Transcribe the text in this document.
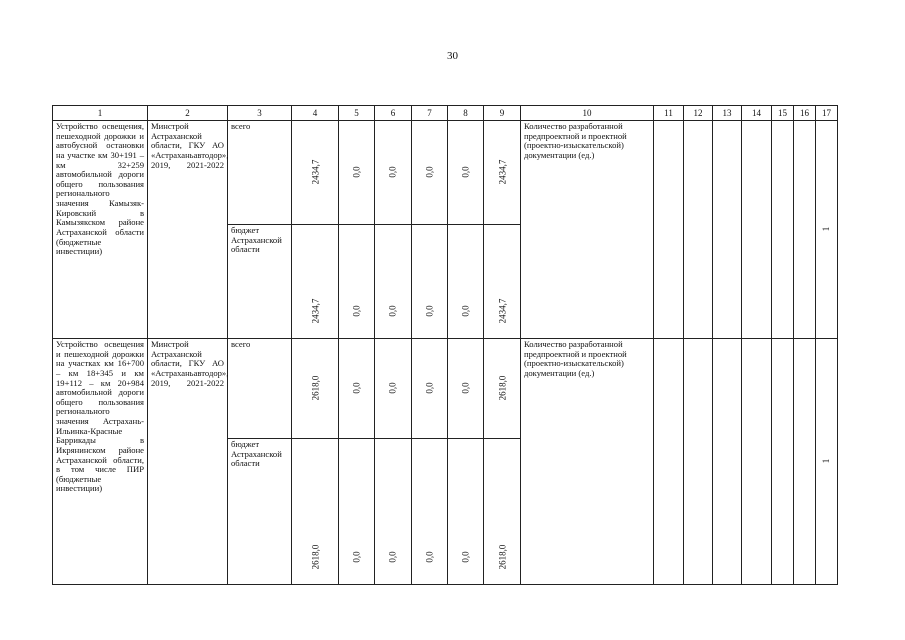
30
1	2	3	4	5	6	7	8	9	10	11	12	13	14	15	16	17

Устройство освещения, пешеходной дорожки и автобусной остановки на участке км 30+191 – км 32+259 автомобильной дороги общего пользования регионального значения Камызяк-Кировский в Камызякском районе Астраханской области (бюджетные инвестиции)	Минстрой Астраханской области, ГКУ АО «Астраханьавтодор», 2019, 2021-2022	всего	2434,7	0,0	0,0	0,0	0,0	2434,7	Количество разработанной предпроектной и проектной (проектно-изыскательской) документации (ед.)							1

		бюджет Астраханской области	2434,7	0,0	0,0	0,0	0,0	2434,7								

Устройство освещения и пешеходной дорожки на участках км 16+700 – км 18+345 и км 19+112 – км 20+984 автомобильной дороги общего пользования регионального значения Астрахань-Ильинка-Красные Баррикады в Икрянинском районе Астраханской области, в том числе ПИР (бюджетные инвестиции)	Минстрой Астраханской области, ГКУ АО «Астраханьавтодор», 2019, 2021-2022	всего	2618,0	0,0	0,0	0,0	0,0	2618,0	Количество разработанной предпроектной и проектной (проектно-изыскательской) документации (ед.)							1

		бюджет Астраханской области	2618,0	0,0	0,0	0,0	0,0	2618,0								
